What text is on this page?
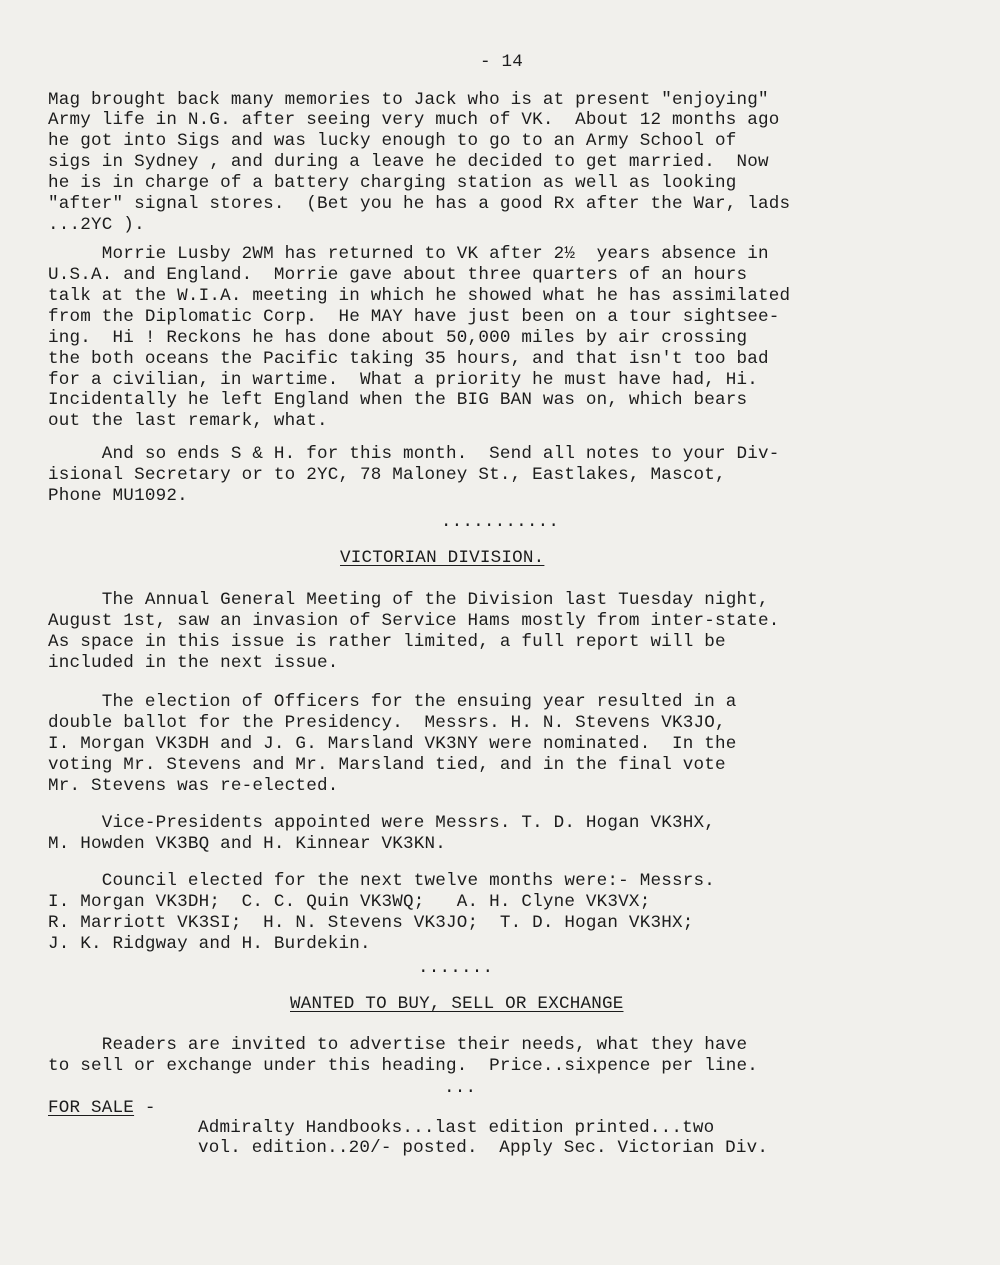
- 14
Mag brought back many memories to Jack who is at present "enjoying"
Army life in N.G. after seeing very much of VK.  About 12 months ago
he got into Sigs and was lucky enough to go to an Army School of
sigs in Sydney , and during a leave he decided to get married.  Now
he is in charge of a battery charging station as well as looking
"after" signal stores.  (Bet you he has a good Rx after the War, lads
...2YC ).
Morrie Lusby 2WM has returned to VK after 2½  years absence in
U.S.A. and England.  Morrie gave about three quarters of an hours
talk at the W.I.A. meeting in which he showed what he has assimilated
from the Diplomatic Corp.  He MAY have just been on a tour sightsee-
ing.  Hi ! Reckons he has done about 50,000 miles by air crossing
the both oceans the Pacific taking 35 hours, and that isn't too bad
for a civilian, in wartime.  What a priority he must have had, Hi.
Incidentally he left England when the BIG BAN was on, which bears
out the last remark, what.
And so ends S & H. for this month.  Send all notes to your Div-
isional Secretary or to 2YC, 78 Maloney St., Eastlakes, Mascot,
Phone MU1092.
...........
VICTORIAN DIVISION.
The Annual General Meeting of the Division last Tuesday night,
August 1st, saw an invasion of Service Hams mostly from inter-state.
As space in this issue is rather limited, a full report will be
included in the next issue.
The election of Officers for the ensuing year resulted in a
double ballot for the Presidency.  Messrs. H. N. Stevens VK3JO,
I. Morgan VK3DH and J. G. Marsland VK3NY were nominated.  In the
voting Mr. Stevens and Mr. Marsland tied, and in the final vote
Mr. Stevens was re-elected.
Vice-Presidents appointed were Messrs. T. D. Hogan VK3HX,
M. Howden VK3BQ and H. Kinnear VK3KN.
Council elected for the next twelve months were:- Messrs.
I. Morgan VK3DH;  C. C. Quin VK3WQ;   A. H. Clyne VK3VX;
R. Marriott VK3SI;  H. N. Stevens VK3JO;  T. D. Hogan VK3HX;
J. K. Ridgway and H. Burdekin.
.......
WANTED TO BUY, SELL OR EXCHANGE
Readers are invited to advertise their needs, what they have
to sell or exchange under this heading.  Price..sixpence per line.
...
FOR SALE -
Admiralty Handbooks...last edition printed...two
vol. edition..20/- posted.  Apply Sec. Victorian Div.
